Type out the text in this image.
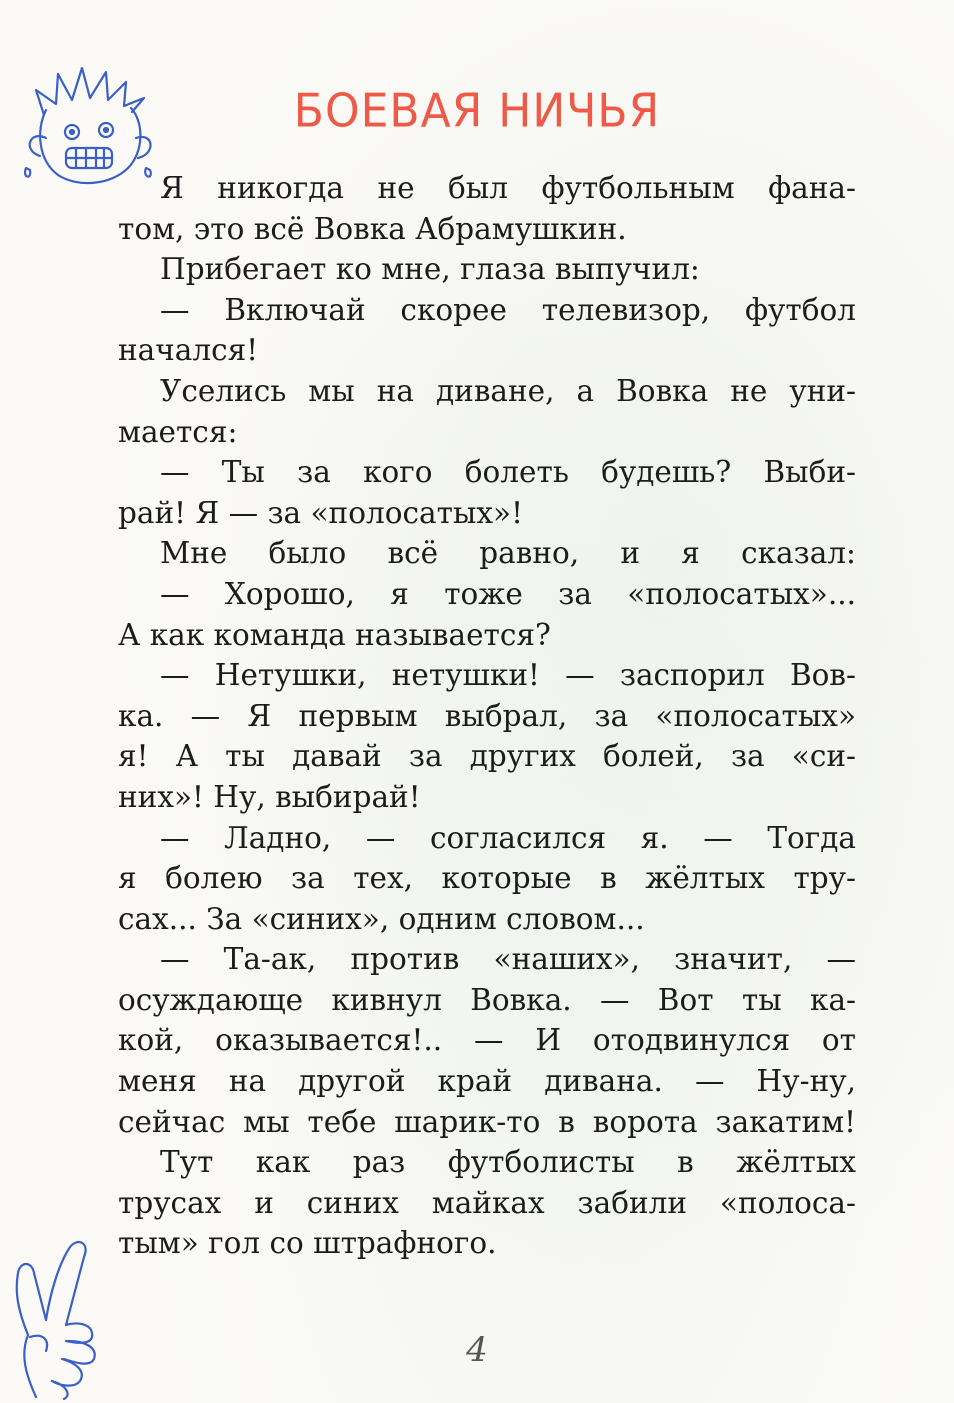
БОЕВАЯ НИЧЬЯ
Я никогда не был футбольным фана-
том, это всё Вовка Абрамушкин.
Прибегает ко мне, глаза выпучил:
— Включай скорее телевизор, футбол
начался!
Уселись мы на диване, а Вовка не уни-
мается:
— Ты за кого болеть будешь? Выби-
рай! Я — за «полосатых»!
Мне было всё равно, и я сказал:
— Хорошо, я тоже за «полосатых»...
А как команда называется?
— Нетушки, нетушки! — заспорил Вов-
ка. — Я первым выбрал, за «полосатых»
я! А ты давай за других болей, за «си-
них»! Ну, выбирай!
— Ладно, — согласился я. — Тогда
я болею за тех, которые в жёлтых тру-
сах... За «синих», одним словом...
— Та-ак, против «наших», значит, —
осуждающе кивнул Вовка. — Вот ты ка-
кой, оказывается!.. — И отодвинулся от
меня на другой край дивана. — Ну-ну,
сейчас мы тебе шарик-то в ворота закатим!
Тут как раз футболисты в жёлтых
трусах и синих майках забили «полоса-
тым» гол со штрафного.
4
